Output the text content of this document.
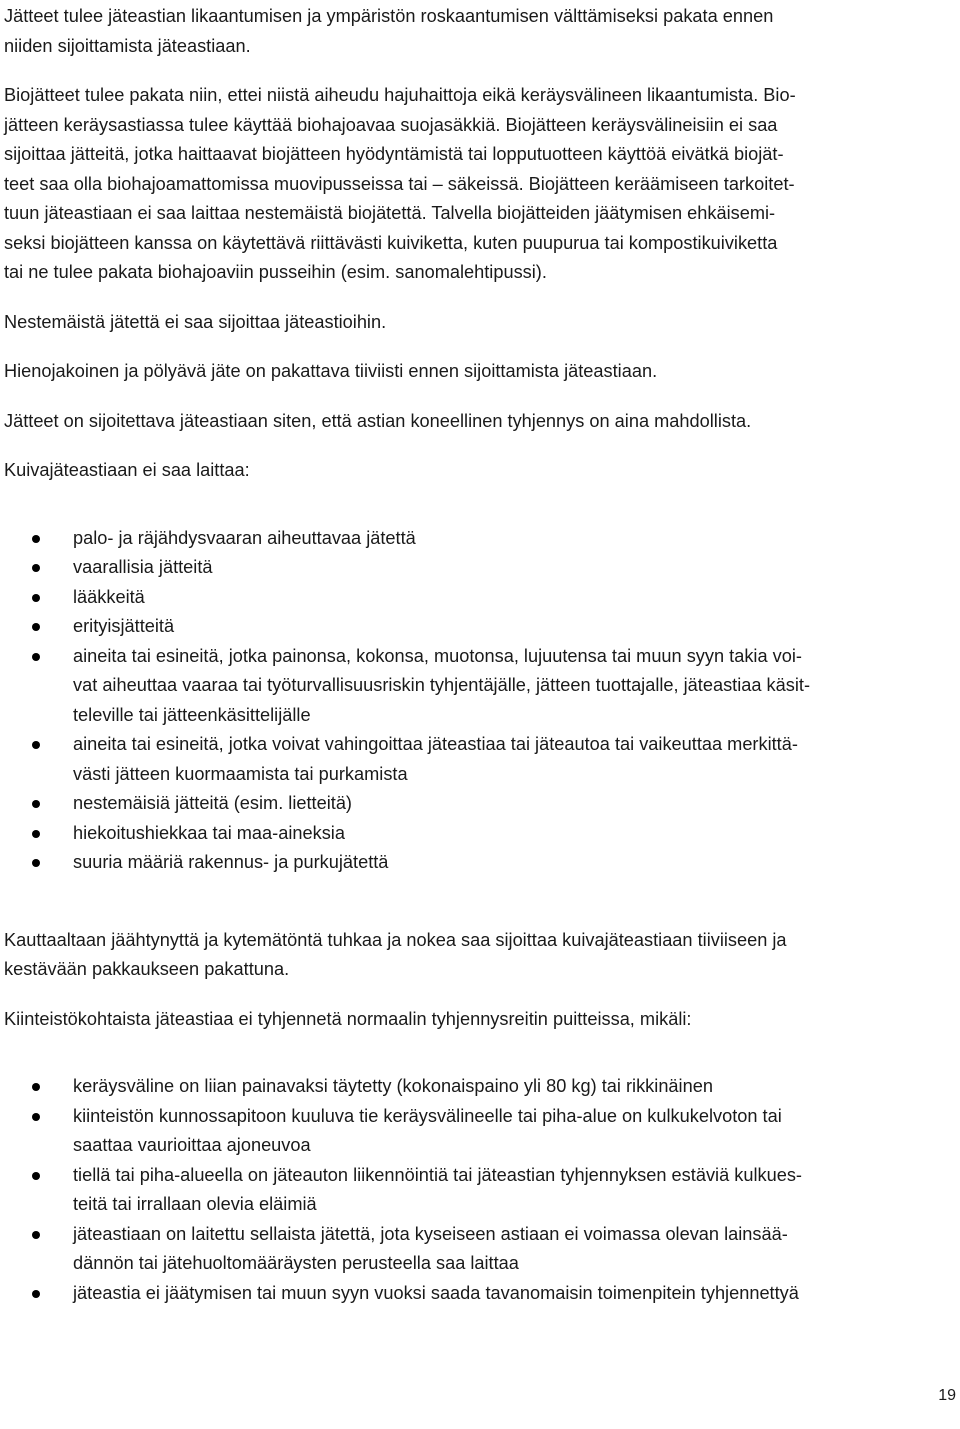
Jätteet tulee jäteastian likaantumisen ja ympäristön roskaantumisen välttämiseksi pakata ennen
niiden sijoittamista jäteastiaan.

Biojätteet tulee pakata niin, ettei niistä aiheudu hajuhaittoja eikä keräysvälineen likaantumista. Bio-
jätteen keräysastiassa tulee käyttää biohajoavaa suojasäkkiä. Biojätteen keräysvälineisiin ei saa
sijoittaa jätteitä, jotka haittaavat biojätteen hyödyntämistä tai lopputuotteen käyttöä eivätkä biojät-
teet saa olla biohajoamattomissa muovipusseissa tai – säkeissä. Biojätteen keräämiseen tarkoitet-
tuun jäteastiaan ei saa laittaa nestemäistä biojätettä. Talvella biojätteiden jäätymisen ehkäisemi-
seksi biojätteen kanssa on käytettävä riittävästi kuiviketta, kuten puupurua tai kompostikuiviketta
tai ne tulee pakata biohajoaviin pusseihin (esim. sanomalehtipussi).

Nestemäistä jätettä ei saa sijoittaa jäteastioihin.

Hienojakoinen ja pölyävä jäte on pakattava tiiviisti ennen sijoittamista jäteastiaan.

Jätteet on sijoitettava jäteastiaan siten, että astian koneellinen tyhjennys on aina mahdollista.

Kuivajäteastiaan ei saa laittaa:

palo- ja räjähdysvaaran aiheuttavaa jätettä
vaarallisia jätteitä
lääkkeitä
erityisjätteitä
aineita tai esineitä, jotka painonsa, kokonsa, muotonsa, lujuutensa tai muun syyn takia voi-
vat aiheuttaa vaaraa tai työturvallisuusriskin tyhjentäjälle, jätteen tuottajalle, jäteastiaa käsit-
televille tai jätteenkäsittelijälle
aineita tai esineitä, jotka voivat vahingoittaa jäteastiaa tai jäteautoa tai vaikeuttaa merkittä-
västi jätteen kuormaamista tai purkamista
nestemäisiä jätteitä (esim. lietteitä)
hiekoitushiekkaa tai maa-aineksia
suuria määriä rakennus- ja purkujätettä

Kauttaaltaan jäähtynyttä ja kytemätöntä tuhkaa ja nokea saa sijoittaa kuivajäteastiaan tiiviiseen ja
kestävään pakkaukseen pakattuna.

Kiinteistökohtaista jäteastiaa ei tyhjennetä normaalin tyhjennysreitin puitteissa, mikäli:

keräysväline on liian painavaksi täytetty (kokonaispaino yli 80 kg) tai rikkinäinen
kiinteistön kunnossapitoon kuuluva tie keräysvälineelle tai piha-alue on kulkukelvoton tai
saattaa vaurioittaa ajoneuvoa
tiellä tai piha-alueella on jäteauton liikennöintiä tai jäteastian tyhjennyksen estäviä kulkues-
teitä tai irrallaan olevia eläimiä
jäteastiaan on laitettu sellaista jätettä, jota kyseiseen astiaan ei voimassa olevan lainsää-
dännön tai jätehuoltomääräysten perusteella saa laittaa
jäteastia ei jäätymisen tai muun syyn vuoksi saada tavanomaisin toimenpitein tyhjennettyä
19
